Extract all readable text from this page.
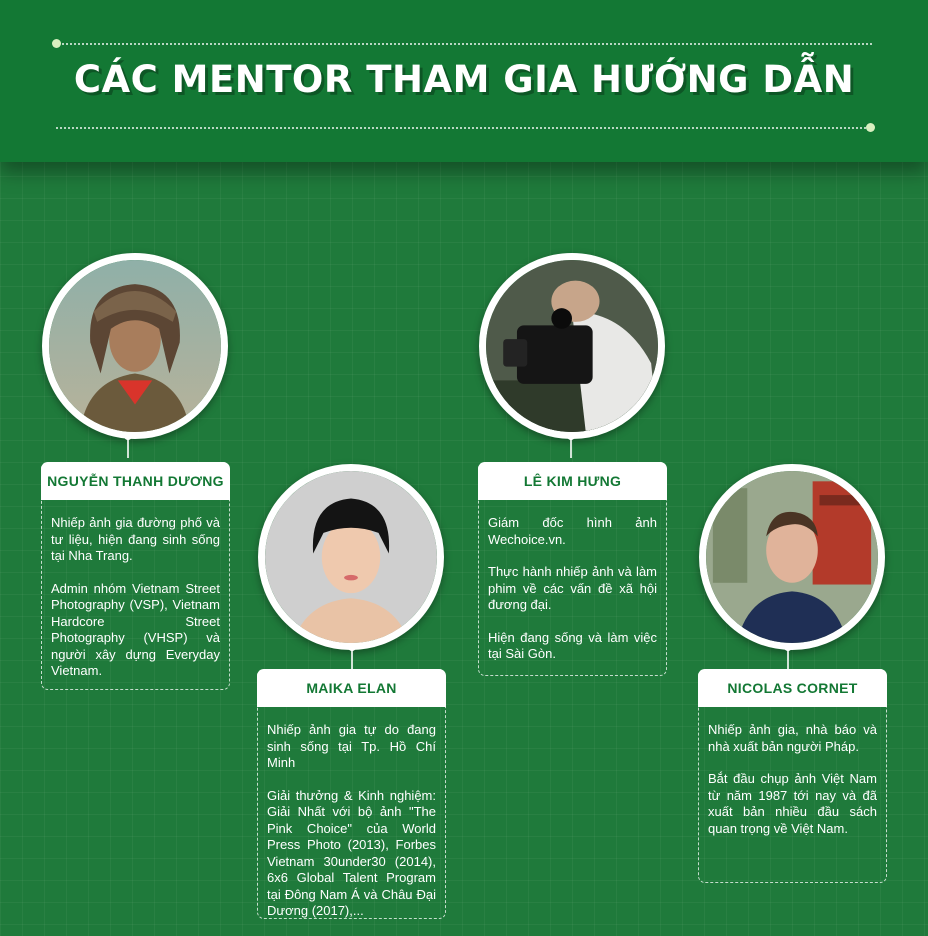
CÁC MENTOR THAM GIA HƯỚNG DẪN
NGUYỄN THANH DƯƠNG

Nhiếp ảnh gia đường phố và tư liệu, hiện đang sinh sống tại Nha Trang.

Admin nhóm Vietnam Street Photography (VSP), Vietnam Hardcore Street Photography (VHSP) và người xây dựng Everyday Vietnam.

MAIKA ELAN

Nhiếp ảnh gia tự do đang sinh sống tại Tp. Hồ Chí Minh

Giải thưởng & Kinh nghiệm: Giải Nhất với bộ ảnh "The Pink Choice" của World Press Photo (2013), Forbes Vietnam 30under30 (2014), 6x6 Global Talent Program tại Đông Nam Á và Châu Đại Dương (2017),...

LÊ KIM HƯNG

Giám đốc hình ảnh Wechoice.vn.

Thực hành nhiếp ảnh và làm phim về các vấn đề xã hội đương đại.

Hiện đang sống và làm việc tại Sài Gòn.

NICOLAS CORNET

Nhiếp ảnh gia, nhà báo và nhà xuất bản người Pháp.

Bắt đầu chụp ảnh Việt Nam từ năm 1987 tới nay và đã xuất bản nhiều đầu sách quan trọng về Việt Nam.
